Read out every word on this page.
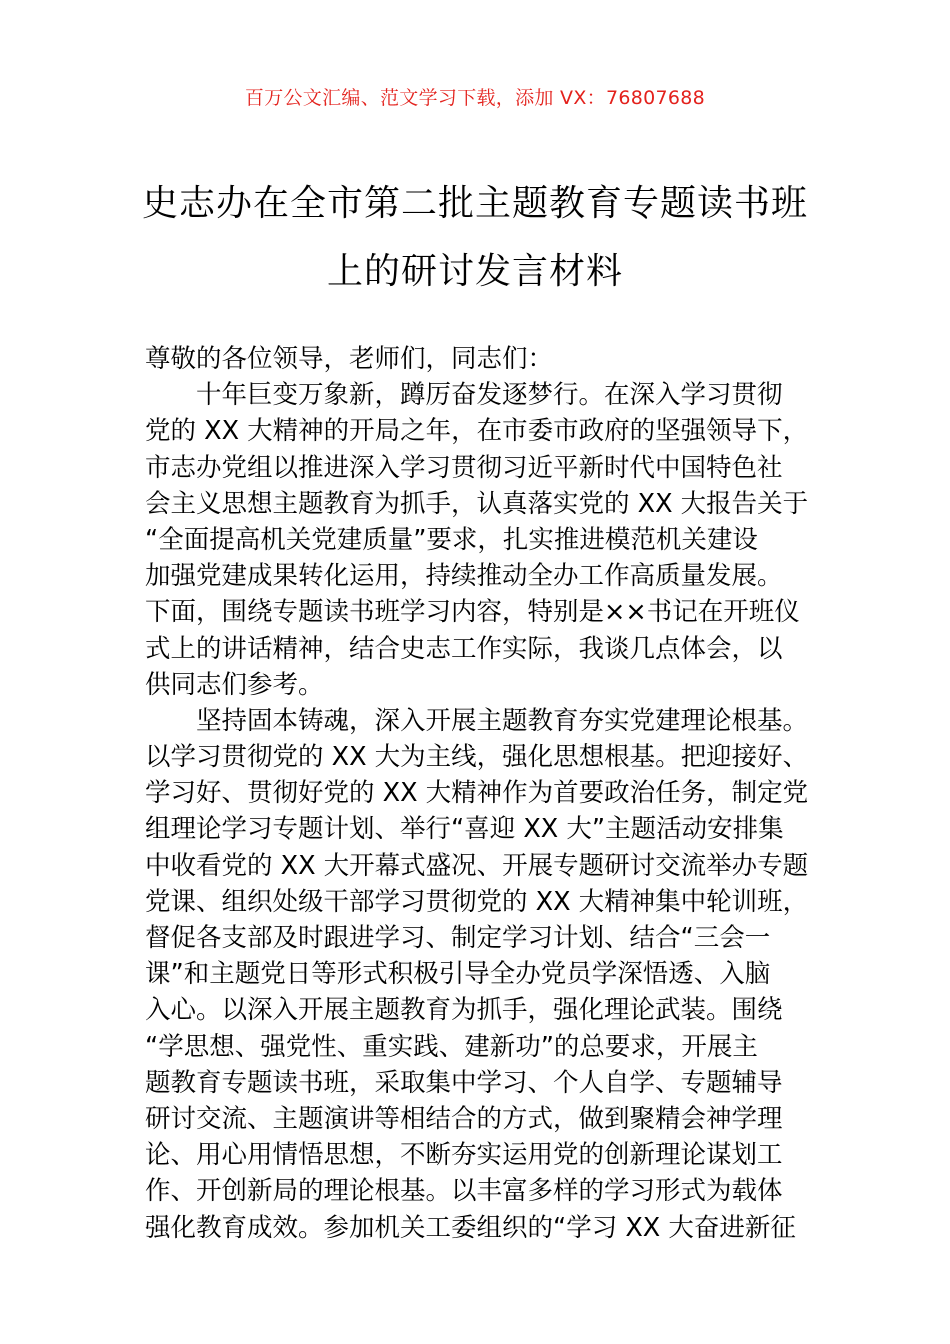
百万公文汇编、范文学习下载，添加 VX：76807688
史志办在全市第二批主题教育专题读书班
上的研讨发言材料
尊敬的各位领导，老师们，同志们：
十年巨变万象新，蹲厉奋发逐梦行。在深入学习贯彻
党的 XX 大精神的开局之年，在市委市政府的坚强领导下，
市志办党组以推进深入学习贯彻习近平新时代中国特色社
会主义思想主题教育为抓手，认真落实党的 XX 大报告关于
“全面提高机关党建质量”要求，扎实推进模范机关建设
加强党建成果转化运用，持续推动全办工作高质量发展。
下面，围绕专题读书班学习内容，特别是××书记在开班仪
式上的讲话精神，结合史志工作实际，我谈几点体会，以
供同志们参考。
坚持固本铸魂，深入开展主题教育夯实党建理论根基。
以学习贯彻党的 XX 大为主线，强化思想根基。把迎接好、
学习好、贯彻好党的 XX 大精神作为首要政治任务，制定党
组理论学习专题计划、举行“喜迎 XX 大”主题活动安排集
中收看党的 XX 大开幕式盛况、开展专题研讨交流举办专题
党课、组织处级干部学习贯彻党的 XX 大精神集中轮训班，
督促各支部及时跟进学习、制定学习计划、结合“三会一
课”和主题党日等形式积极引导全办党员学深悟透、入脑
入心。以深入开展主题教育为抓手，强化理论武装。围绕
“学思想、强党性、重实践、建新功”的总要求，开展主
题教育专题读书班，采取集中学习、个人自学、专题辅导
研讨交流、主题演讲等相结合的方式，做到聚精会神学理
论、用心用情悟思想，不断夯实运用党的创新理论谋划工
作、开创新局的理论根基。以丰富多样的学习形式为载体
强化教育成效。参加机关工委组织的“学习 XX 大奋进新征
